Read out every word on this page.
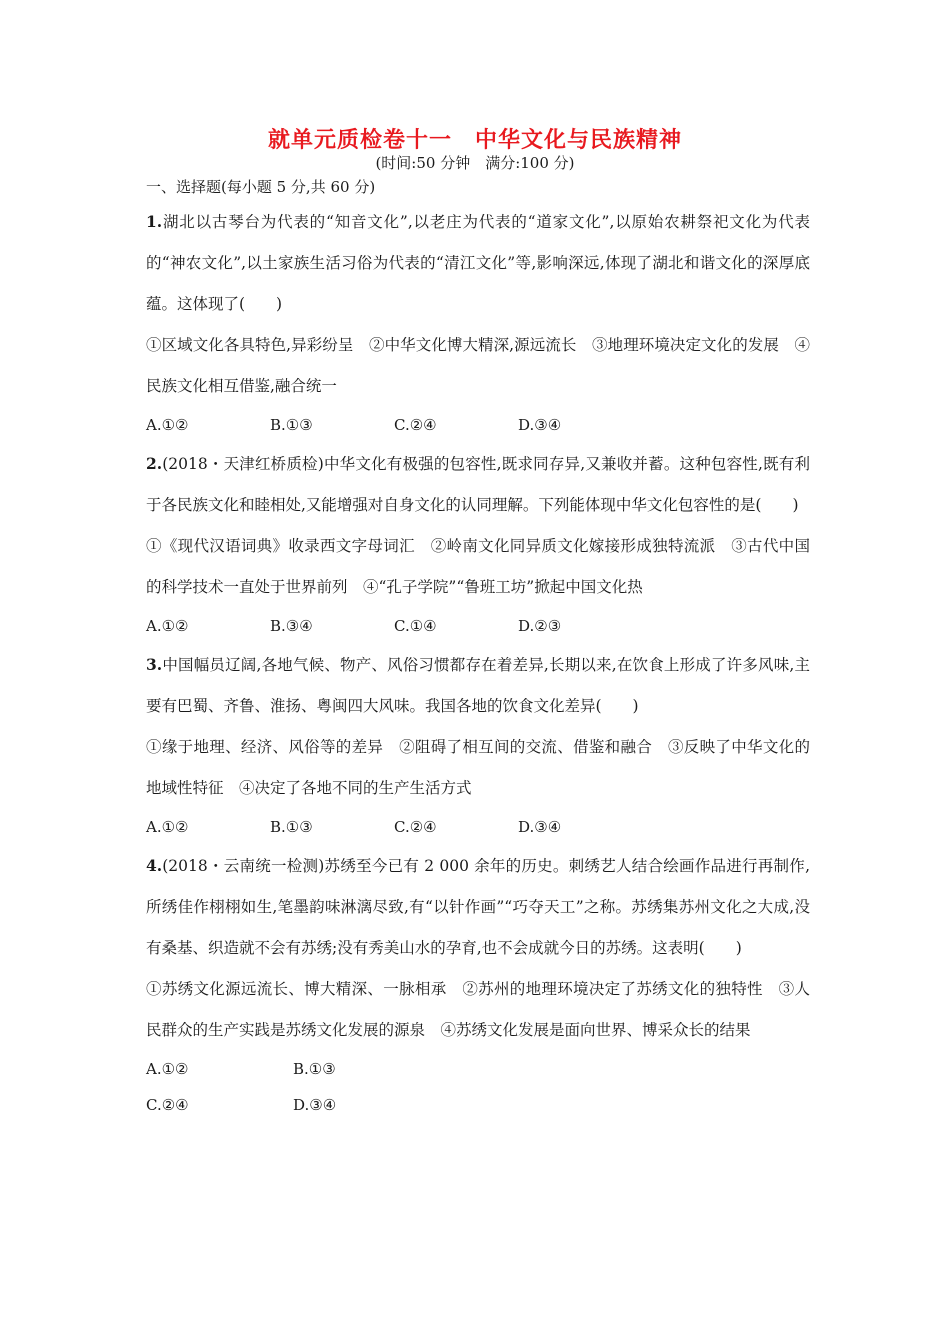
就单元质检卷十一　中华文化与民族精神
(时间:50 分钟　满分:100 分)
一、选择题(每小题 5 分,共 60 分)
1.湖北以古琴台为代表的“知音文化”,以老庄为代表的“道家文化”,以原始农耕祭祀文化为代表的“神农文化”,以土家族生活习俗为代表的“清江文化”等,影响深远,体现了湖北和谐文化的深厚底蕴。这体现了(　　)
①区域文化各具特色,异彩纷呈　②中华文化博大精深,源远流长　③地理环境决定文化的发展　④民族文化相互借鉴,融合统一
A.①②	B.①③	C.②④	D.③④
2.(2018・天津红桥质检)中华文化有极强的包容性,既求同存异,又兼收并蓄。这种包容性,既有利于各民族文化和睦相处,又能增强对自身文化的认同理解。下列能体现中华文化包容性的是(　　)
①《现代汉语词典》收录西文字母词汇　②岭南文化同异质文化嫁接形成独特流派　③古代中国的科学技术一直处于世界前列　④“孔子学院”“鲁班工坊”掀起中国文化热
A.①②	B.③④	C.①④	D.②③
3.中国幅员辽阔,各地气候、物产、风俗习惯都存在着差异,长期以来,在饮食上形成了许多风味,主要有巴蜀、齐鲁、淮扬、粤闽四大风味。我国各地的饮食文化差异(　　)
①缘于地理、经济、风俗等的差异　②阻碍了相互间的交流、借鉴和融合　③反映了中华文化的地域性特征　④决定了各地不同的生产生活方式
A.①②	B.①③	C.②④	D.③④
4.(2018・云南统一检测)苏绣至今已有 2 000 余年的历史。刺绣艺人结合绘画作品进行再制作,所绣佳作栩栩如生,笔墨韵味淋漓尽致,有“以针作画”“巧夺天工”之称。苏绣集苏州文化之大成,没有桑基、织造就不会有苏绣;没有秀美山水的孕育,也不会成就今日的苏绣。这表明(　　)
①苏绣文化源远流长、博大精深、一脉相承　②苏州的地理环境决定了苏绣文化的独特性　③人民群众的生产实践是苏绣文化发展的源泉　④苏绣文化发展是面向世界、博采众长的结果
A.①②	B.①③
C.②④	D.③④
